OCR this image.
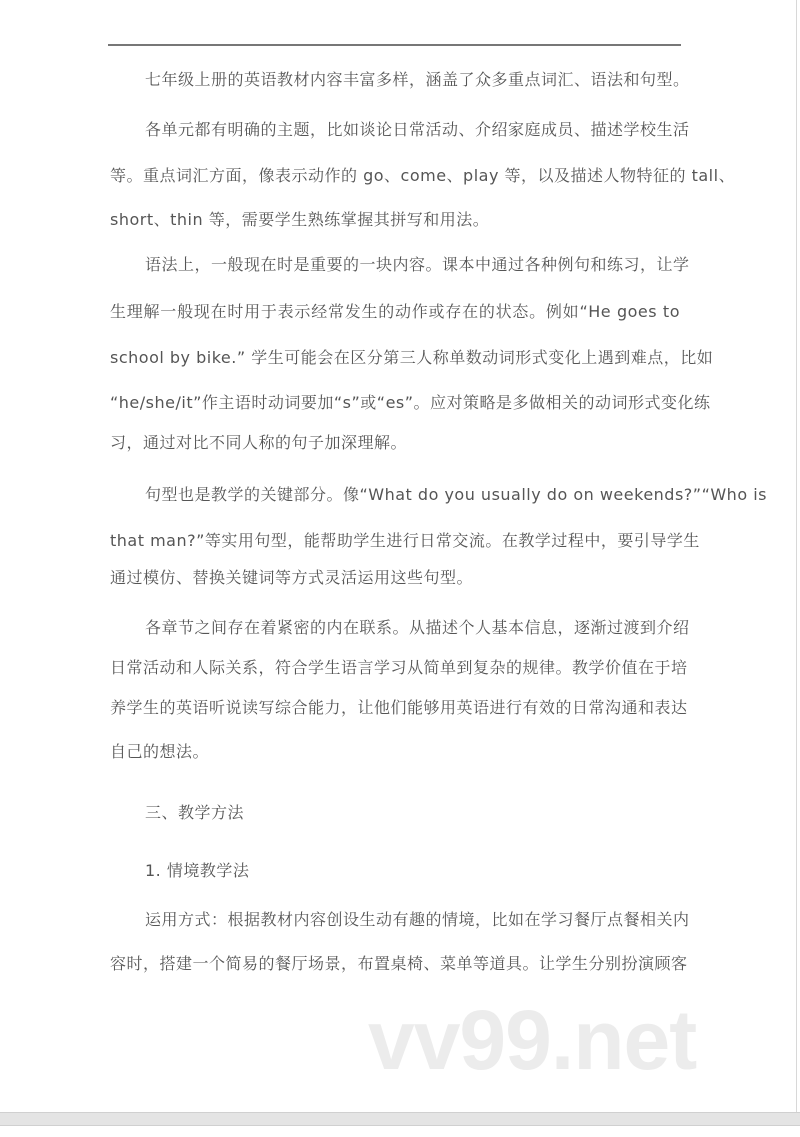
七年级上册的英语教材内容丰富多样，涵盖了众多重点词汇、语法和句型。
各单元都有明确的主题，比如谈论日常活动、介绍家庭成员、描述学校生活
等。重点词汇方面，像表示动作的 go、come、play 等，以及描述人物特征的 tall、
short、thin 等，需要学生熟练掌握其拼写和用法。
语法上，一般现在时是重要的一块内容。课本中通过各种例句和练习，让学
生理解一般现在时用于表示经常发生的动作或存在的状态。例如“He goes to
school by bike.” 学生可能会在区分第三人称单数动词形式变化上遇到难点，比如
“he/she/it”作主语时动词要加“s”或“es”。应对策略是多做相关的动词形式变化练
习，通过对比不同人称的句子加深理解。
句型也是教学的关键部分。像“What do you usually do on weekends?”“Who is
that man?”等实用句型，能帮助学生进行日常交流。在教学过程中，要引导学生
通过模仿、替换关键词等方式灵活运用这些句型。
各章节之间存在着紧密的内在联系。从描述个人基本信息，逐渐过渡到介绍
日常活动和人际关系，符合学生语言学习从简单到复杂的规律。教学价值在于培
养学生的英语听说读写综合能力，让他们能够用英语进行有效的日常沟通和表达
自己的想法。
三、教学方法
1. 情境教学法
运用方式：根据教材内容创设生动有趣的情境，比如在学习餐厅点餐相关内
容时，搭建一个简易的餐厅场景，布置桌椅、菜单等道具。让学生分别扮演顾客
vv99.net
